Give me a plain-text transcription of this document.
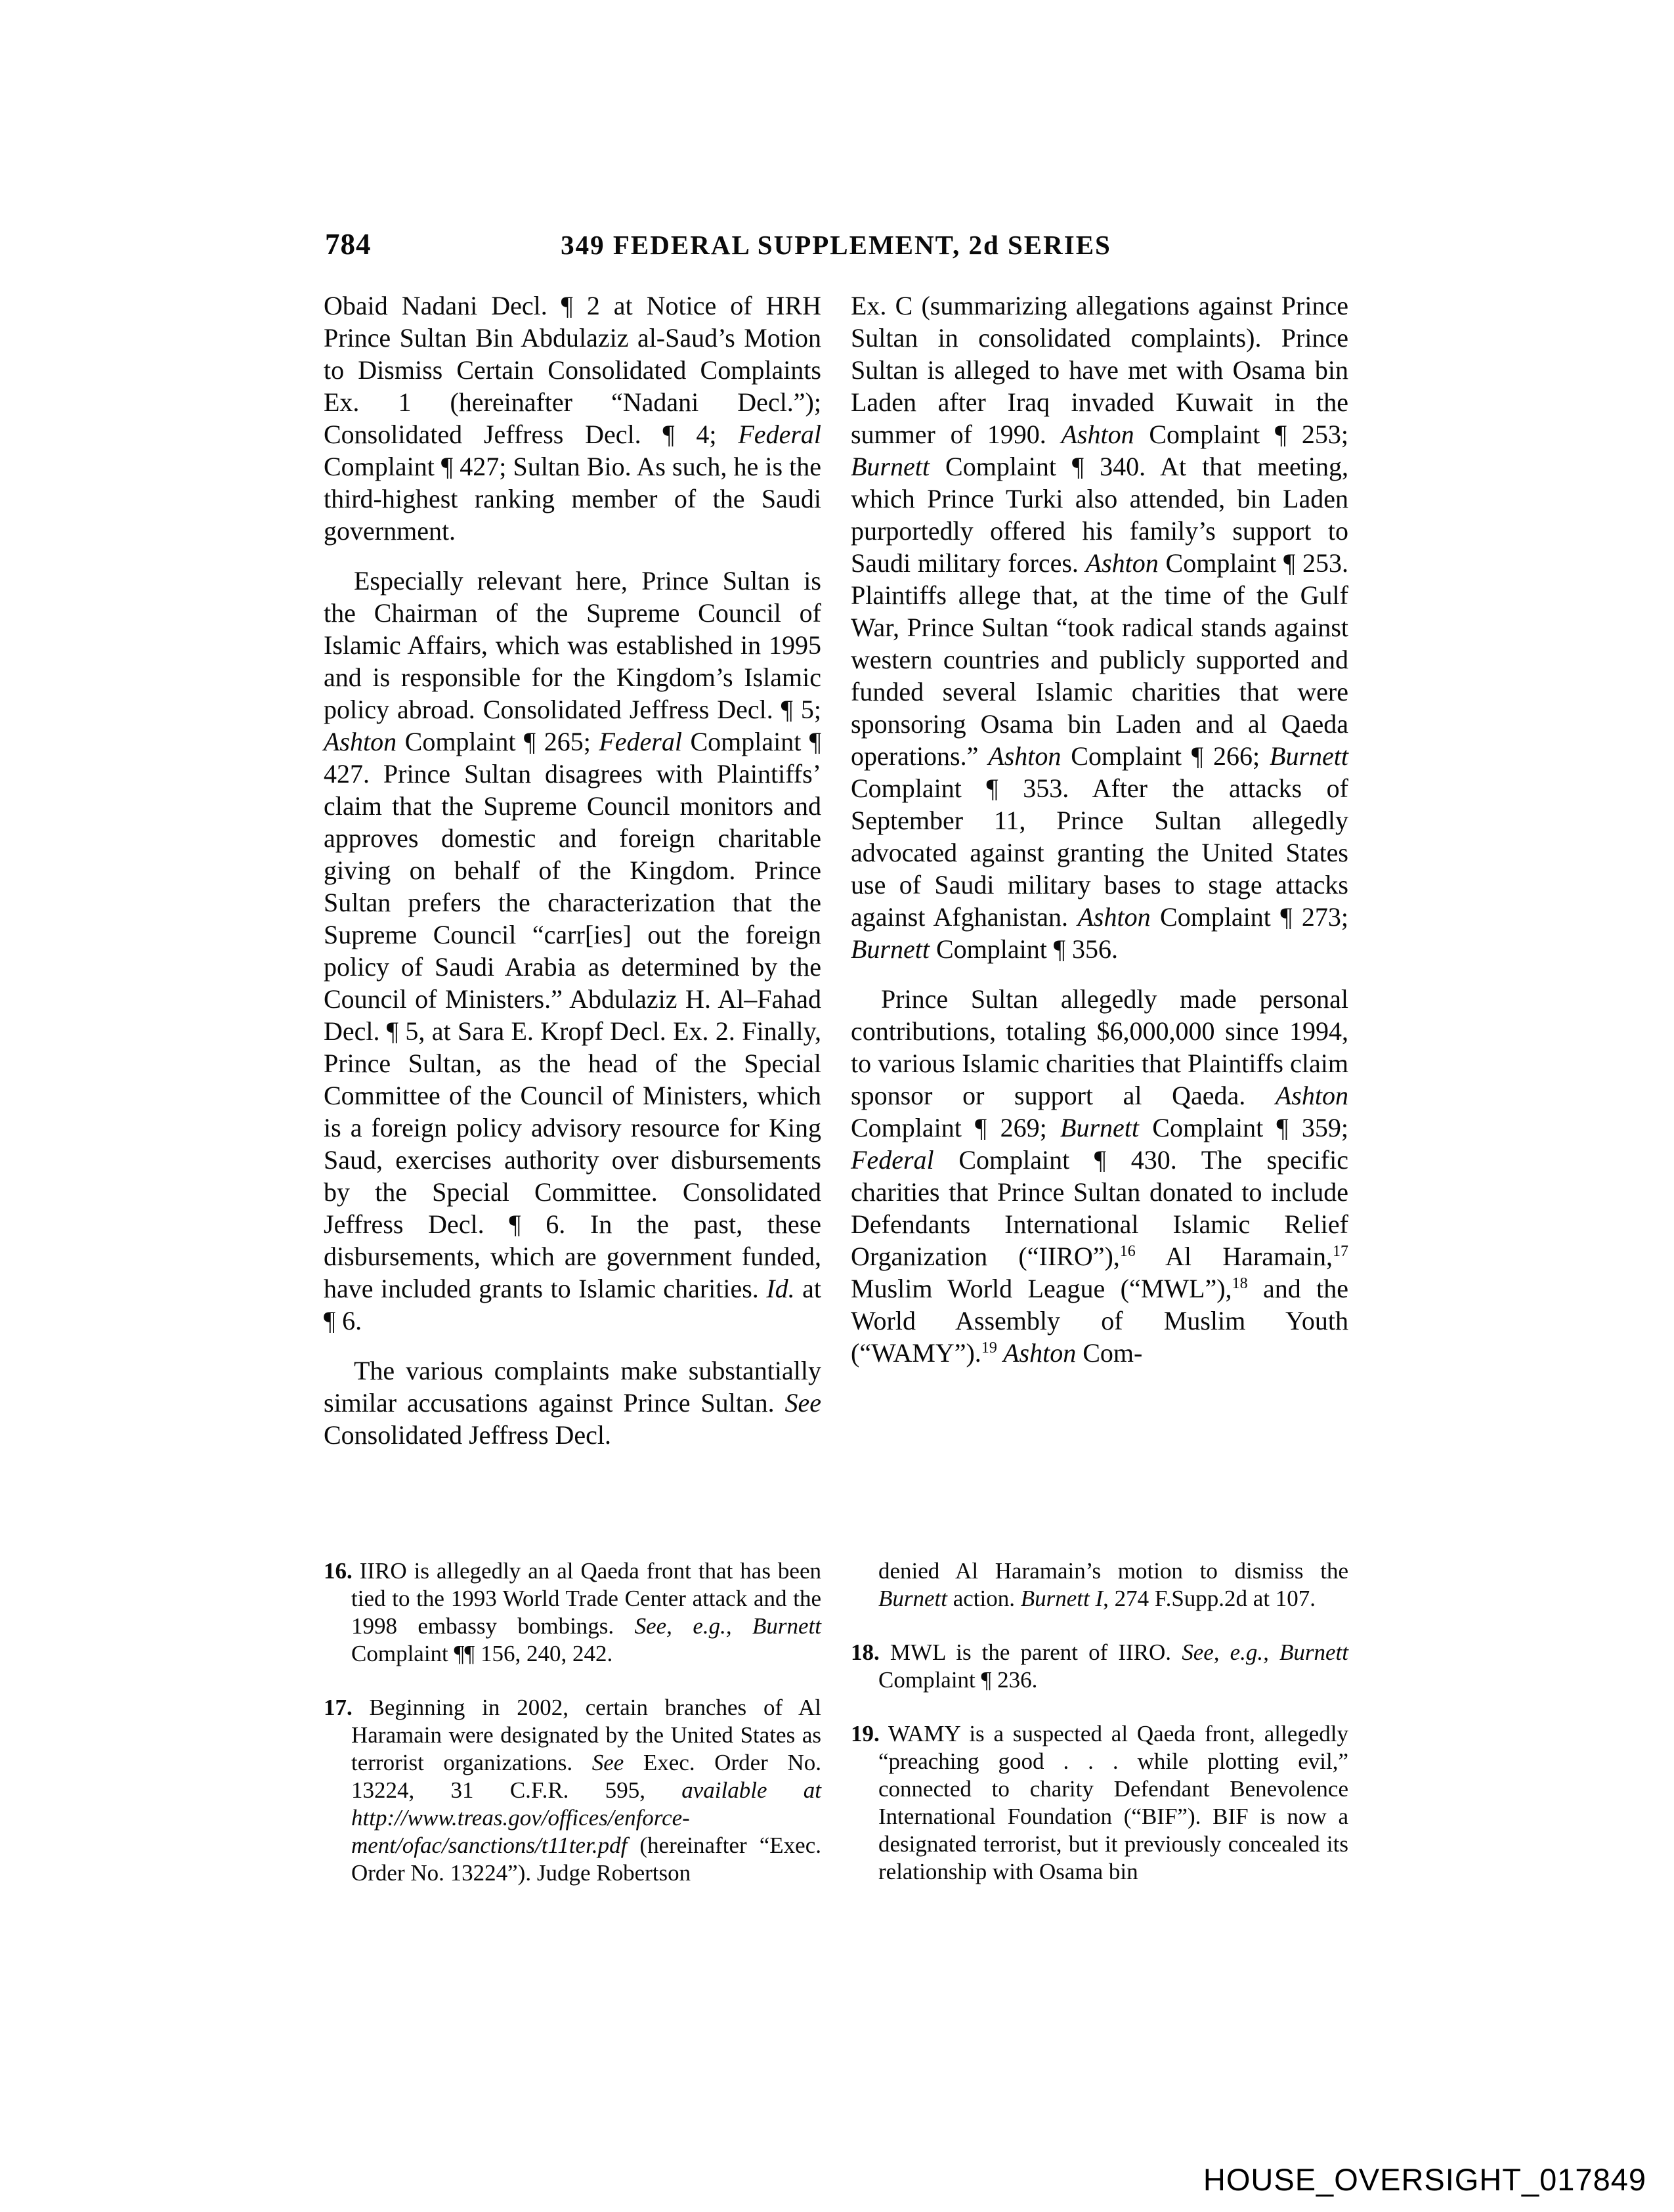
784	349 FEDERAL SUPPLEMENT, 2d SERIES

Obaid Nadani Decl. ¶ 2 at Notice of HRH Prince Sultan Bin Abdulaziz al-Saud’s Motion to Dismiss Certain Consolidated Complaints Ex. 1 (hereinafter “Nadani Decl.”); Consolidated Jeffress Decl. ¶ 4; Federal Complaint ¶ 427; Sultan Bio. As such, he is the third-highest ranking member of the Saudi government.

Especially relevant here, Prince Sultan is the Chairman of the Supreme Council of Islamic Affairs, which was established in 1995 and is responsible for the Kingdom’s Islamic policy abroad. Consolidated Jeffress Decl. ¶ 5; Ashton Complaint ¶ 265; Federal Complaint ¶ 427. Prince Sultan disagrees with Plaintiffs’ claim that the Supreme Council monitors and approves domestic and foreign charitable giving on behalf of the Kingdom. Prince Sultan prefers the characterization that the Supreme Council “carr[ies] out the foreign policy of Saudi Arabia as determined by the Council of Ministers.” Abdulaziz H. Al–Fahad Decl. ¶ 5, at Sara E. Kropf Decl. Ex. 2. Finally, Prince Sultan, as the head of the Special Committee of the Council of Ministers, which is a foreign policy advisory resource for King Saud, exercises authority over disbursements by the Special Committee. Consolidated Jeffress Decl. ¶ 6. In the past, these disbursements, which are government funded, have included grants to Islamic charities. Id. at ¶ 6.

The various complaints make substantially similar accusations against Prince Sultan. See Consolidated Jeffress Decl.

Ex. C (summarizing allegations against Prince Sultan in consolidated complaints). Prince Sultan is alleged to have met with Osama bin Laden after Iraq invaded Kuwait in the summer of 1990. Ashton Complaint ¶ 253; Burnett Complaint ¶ 340. At that meeting, which Prince Turki also attended, bin Laden purportedly offered his family’s support to Saudi military forces. Ashton Complaint ¶ 253. Plaintiffs allege that, at the time of the Gulf War, Prince Sultan “took radical stands against western countries and publicly supported and funded several Islamic charities that were sponsoring Osama bin Laden and al Qaeda operations.” Ashton Complaint ¶ 266; Burnett Complaint ¶ 353. After the attacks of September 11, Prince Sultan allegedly advocated against granting the United States use of Saudi military bases to stage attacks against Afghanistan. Ashton Complaint ¶ 273; Burnett Complaint ¶ 356.

Prince Sultan allegedly made personal contributions, totaling $6,000,000 since 1994, to various Islamic charities that Plaintiffs claim sponsor or support al Qaeda. Ashton Complaint ¶ 269; Burnett Complaint ¶ 359; Federal Complaint ¶ 430. The specific charities that Prince Sultan donated to include Defendants International Islamic Relief Organization (“IIRO”),$^{16}$ Al Haramain,$^{17}$ Muslim World League (“MWL”),$^{18}$ and the World Assembly of Muslim Youth (“WAMY”).$^{19}$ Ashton Com-

16. IIRO is allegedly an al Qaeda front that has been tied to the 1993 World Trade Center attack and the 1998 embassy bombings. See, e.g., Burnett Complaint ¶¶ 156, 240, 242.

17. Beginning in 2002, certain branches of Al Haramain were designated by the United States as terrorist organizations. See Exec. Order No. 13224, 31 C.F.R. 595, available at http://www.treas.gov/offices/enforce- ment/ofac/sanctions/t11ter.pdf (hereinafter “Exec. Order No. 13224”). Judge Robertson

denied Al Haramain’s motion to dismiss the Burnett action. Burnett I, 274 F.Supp.2d at 107.

18. MWL is the parent of IIRO. See, e.g., Burnett Complaint ¶ 236.

19. WAMY is a suspected al Qaeda front, allegedly “preaching good . . . while plotting evil,” connected to charity Defendant Benevolence International Foundation (“BIF”). BIF is now a designated terrorist, but it previously concealed its relationship with Osama bin

HOUSE_OVERSIGHT_017849
